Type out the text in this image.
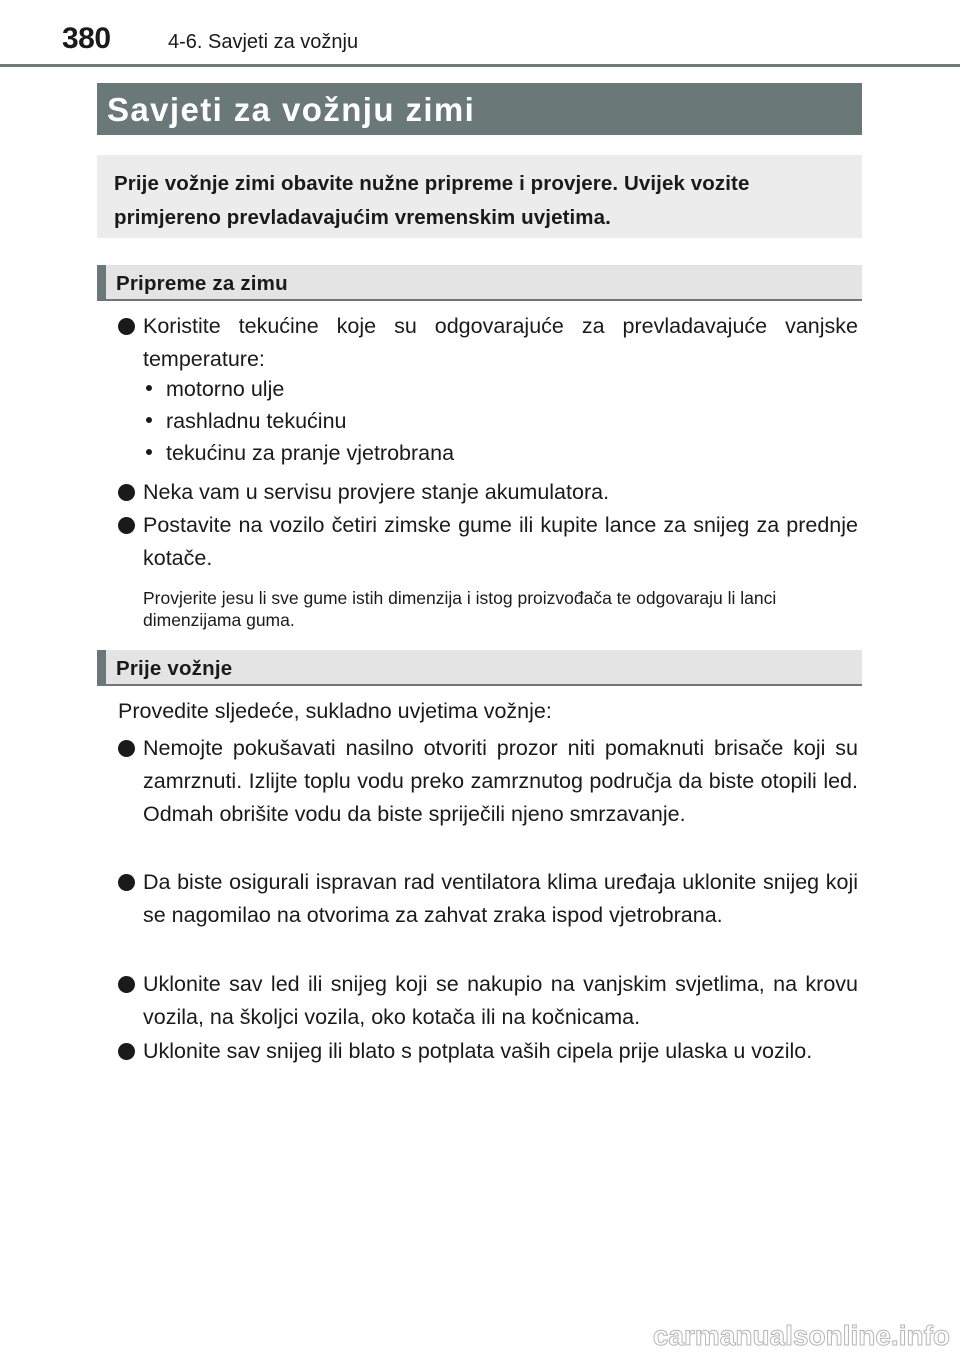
380	4-6. Savjeti za vožnju
Savjeti za vožnju zimi
Prije vožnje zimi obavite nužne pripreme i provjere. Uvijek vozite primjereno prevladavajućim vremenskim uvjetima.
Pripreme za zimu
Koristite tekućine koje su odgovarajuće za prevladavajuće vanjske temperature:
motorno ulje
rashladnu tekućinu
tekućinu za pranje vjetrobrana
Neka vam u servisu provjere stanje akumulatora.
Postavite na vozilo četiri zimske gume ili kupite lance za snijeg za prednje kotače.
Provjerite jesu li sve gume istih dimenzija i istog proizvođača te odgovaraju li lanci dimenzijama guma.
Prije vožnje
Provedite sljedeće, sukladno uvjetima vožnje:
Nemojte pokušavati nasilno otvoriti prozor niti pomaknuti brisače koji su zamrznuti. Izlijte toplu vodu preko zamrznutog područja da biste otopili led. Odmah obrišite vodu da biste spriječili njeno smrzavanje.
Da biste osigurali ispravan rad ventilatora klima uređaja uklonite snijeg koji se nagomilao na otvorima za zahvat zraka ispod vjetrobrana.
Uklonite sav led ili snijeg koji se nakupio na vanjskim svjetlima, na krovu vozila, na školjci vozila, oko kotača ili na kočnicama.
Uklonite sav snijeg ili blato s potplata vaših cipela prije ulaska u vozilo.
carmanualsonline.info
